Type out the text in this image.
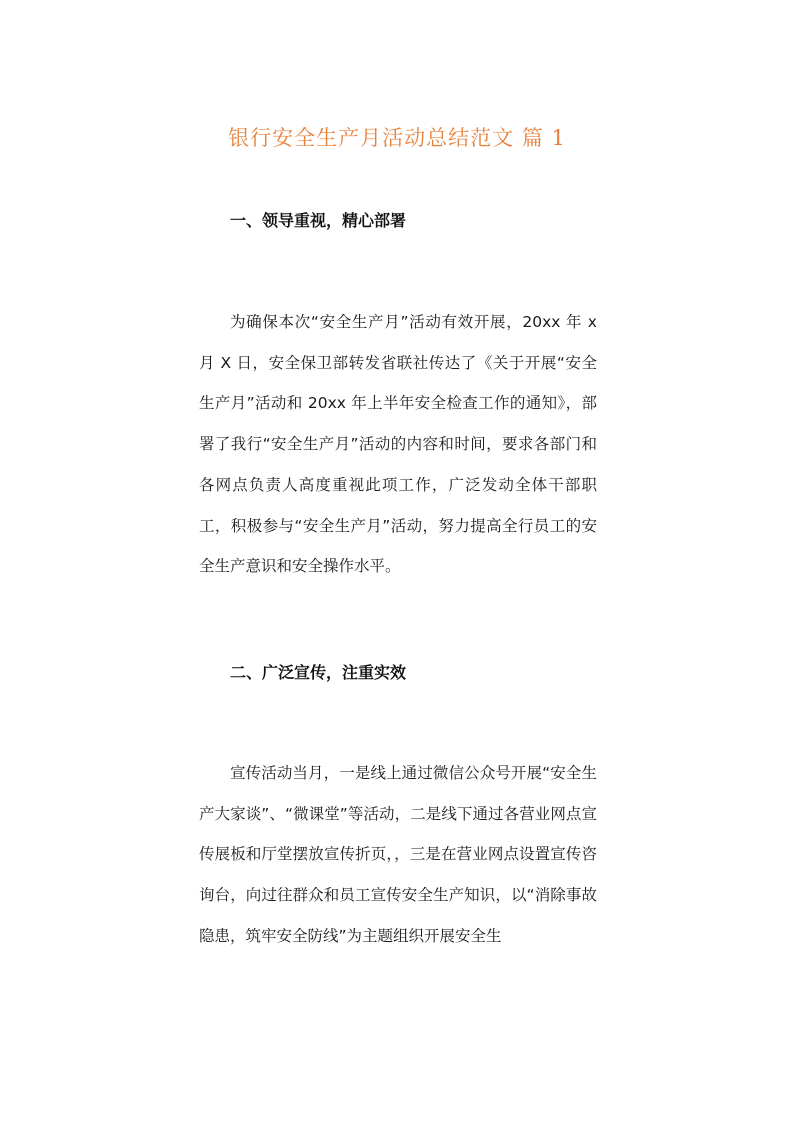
银行安全生产月活动总结范文 篇 1
一、领导重视，精心部署

为确保本次“安全生产月”活动有效开展，20xx 年 x 月 X 日，安全保卫部转发省联社传达了《关于开展“安全生产月”活动和 20xx 年上半年安全检查工作的通知》，部署了我行“安全生产月”活动的内容和时间，要求各部门和各网点负责人高度重视此项工作，广泛发动全体干部职工，积极参与“安全生产月”活动，努力提高全行员工的安全生产意识和安全操作水平。

二、广泛宣传，注重实效

宣传活动当月，一是线上通过微信公众号开展“安全生产大家谈”、“微课堂”等活动，二是线下通过各营业网点宣传展板和厅堂摆放宣传折页，，三是在营业网点设置宣传咨询台，向过往群众和员工宣传安全生产知识，以“消除事故隐患，筑牢安全防线”为主题组织开展安全生
